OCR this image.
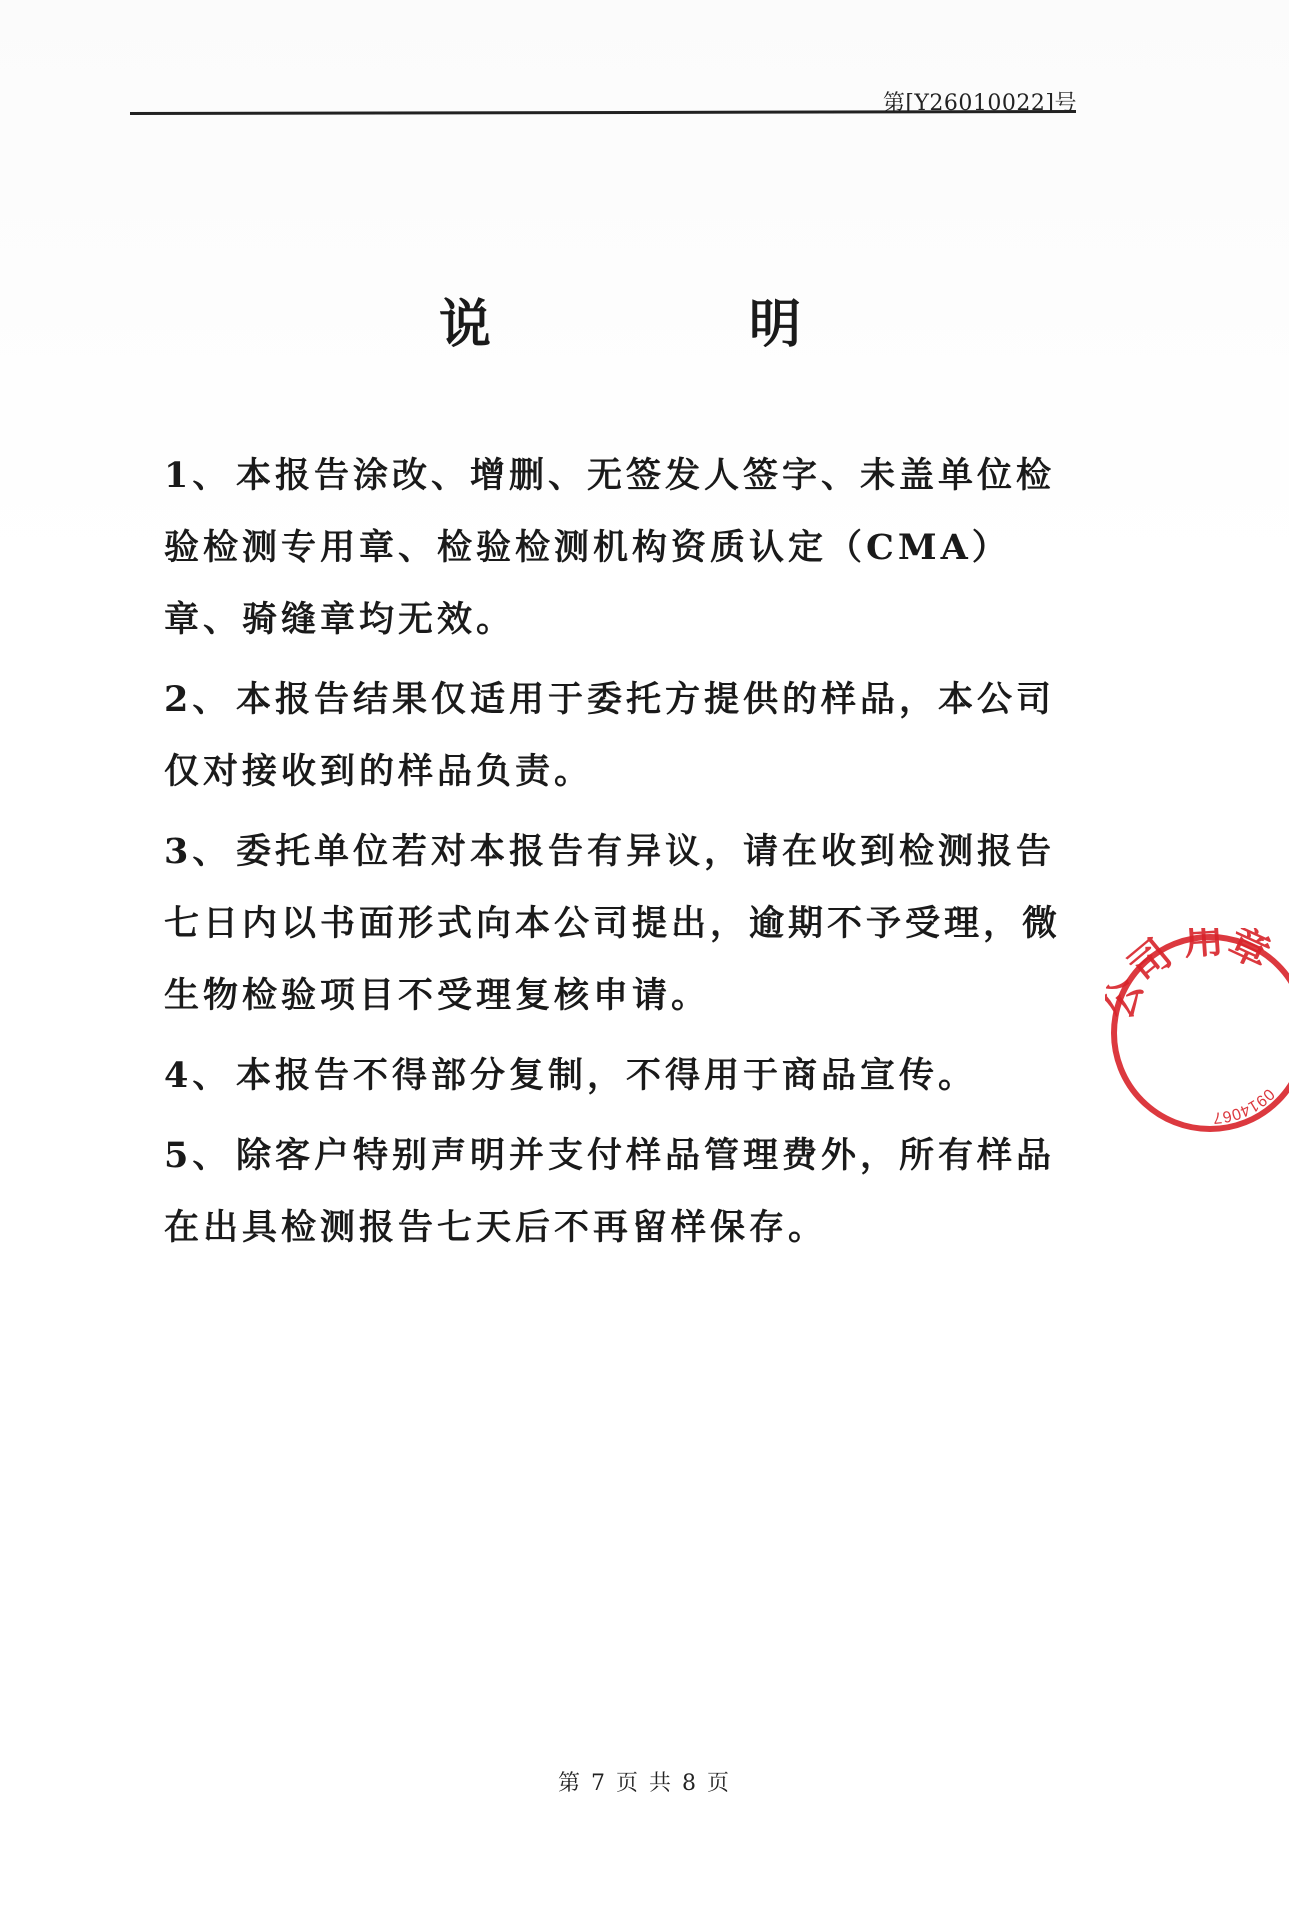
第[Y26010022]号
说 明
1、 本报告涂改、增删、无签发人签字、未盖单位检验检测专用章、检验检测机构资质认定（CMA）章、骑缝章均无效。
2、 本报告结果仅适用于委托方提供的样品，本公司仅对接收到的样品负责。
3、 委托单位若对本报告有异议，请在收到检测报告七日内以书面形式向本公司提出，逾期不予受理，微生物检验项目不受理复核申请。
4、 本报告不得部分复制，不得用于商品宣传。
5、 除客户特别声明并支付样品管理费外，所有样品在出具检测报告七天后不再留样保存。
司 用章
0914067
第 7 页 共 8 页
